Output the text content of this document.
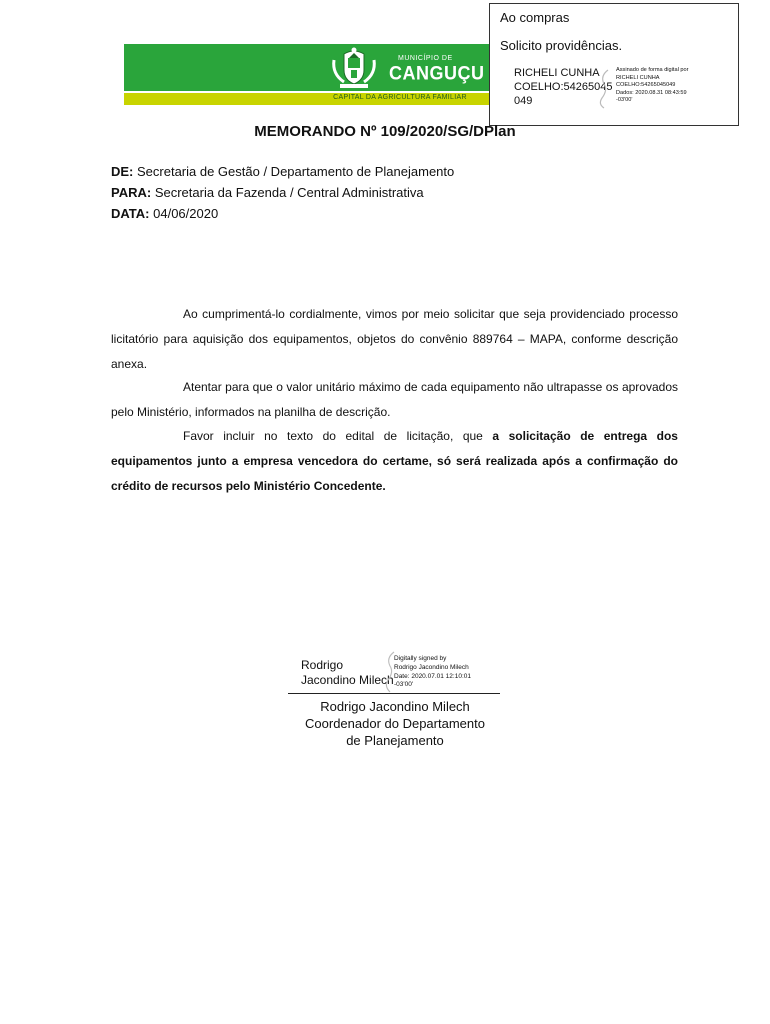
MUNICÍPIO DE
CANGUÇU
CAPITAL DA AGRICULTURA FAMILIAR
Ao compras
Solicito providências.
RICHELI CUNHA
COELHO:54265045
049
Assinado de forma digital por
RICHELI CUNHA
COELHO:54265045049
Dados: 2020.08.31 08:43:59
-03'00'
MEMORANDO Nº 109/2020/SG/DPlan
DE: Secretaria de Gestão / Departamento de Planejamento
PARA: Secretaria da Fazenda / Central Administrativa
DATA: 04/06/2020
Ao cumprimentá-lo cordialmente, vimos por meio solicitar que seja providenciado processo licitatório para aquisição dos equipamentos, objetos do convênio 889764 – MAPA, conforme descrição anexa.
Atentar para que o valor unitário máximo de cada equipamento não ultrapasse os aprovados pelo Ministério, informados na planilha de descrição.
Favor incluir no texto do edital de licitação, que a solicitação de entrega dos equipamentos junto a empresa vencedora do certame, só será realizada após a confirmação do crédito de recursos pelo Ministério Concedente.
Rodrigo
Jacondino Milech
Digitally signed by
Rodrigo Jacondino Milech
Date: 2020.07.01 12:10:01
-03'00'
Rodrigo Jacondino Milech
Coordenador do Departamento
de Planejamento
